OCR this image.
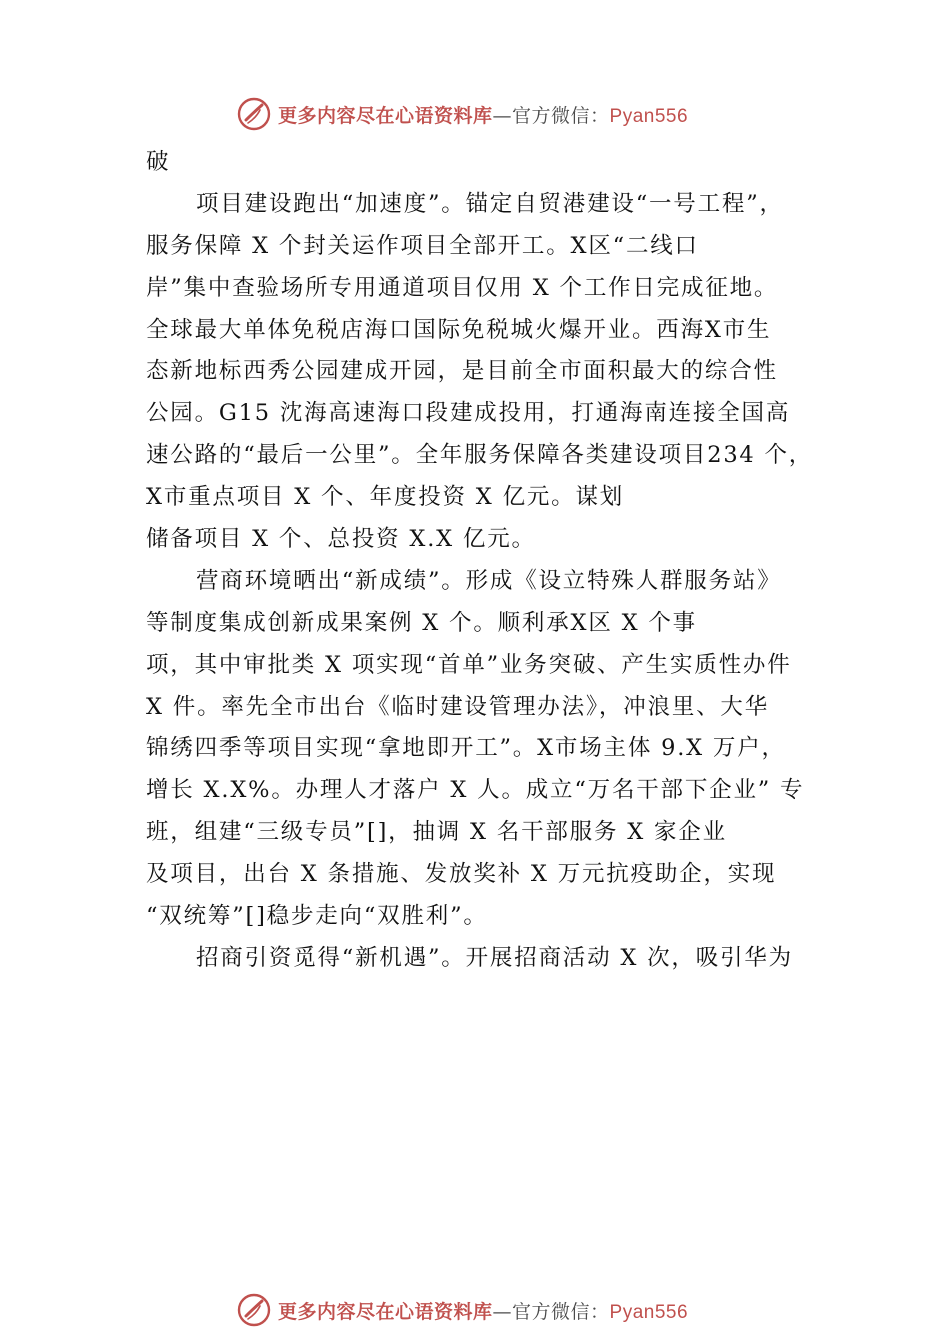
更多内容尽在心语资料库—官方微信：Pyan556
破
项目建设跑出“加速度”。锚定自贸港建设“一号工程”，
服务保障 X 个封关运作项目全部开工。X区“二线口
岸”集中查验场所专用通道项目仅用 X 个工作日完成征地。
全球最大单体免税店海口国际免税城火爆开业。西海X市生
态新地标西秀公园建成开园，是目前全市面积最大的综合性
公园。G15 沈海高速海口段建成投用，打通海南连接全国高
速公路的“最后一公里”。全年服务保障各类建设项目234 个，
X市重点项目 X 个、年度投资 X 亿元。谋划
储备项目 X 个、总投资 X.X 亿元。
营商环境晒出“新成绩”。形成《设立特殊人群服务站》
等制度集成创新成果案例 X 个。顺利承X区 X 个事
项，其中审批类 X 项实现“首单”业务突破、产生实质性办件
X 件。率先全市出台《临时建设管理办法》，冲浪里、大华
锦绣四季等项目实现“拿地即开工”。X市场主体 9.X 万户，
增长 X.X%。办理人才落户 X 人。成立“万名干部下企业” 专
班，组建“三级专员”[]，抽调 X 名干部服务 X 家企业
及项目，出台 X 条措施、发放奖补 X 万元抗疫助企，实现
“双统筹”[]稳步走向“双胜利”。
招商引资觅得“新机遇”。开展招商活动 X 次，吸引华为
更多内容尽在心语资料库—官方微信：Pyan556
